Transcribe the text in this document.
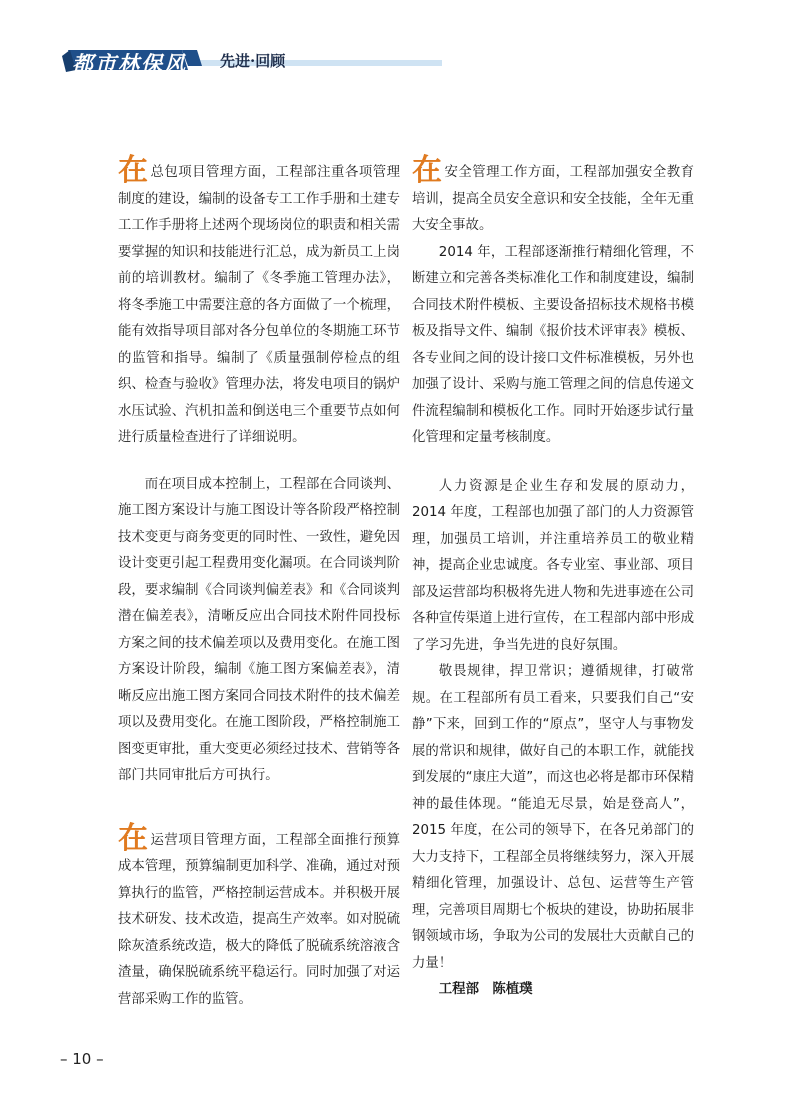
都市林保风 先进·回顾

在总包项目管理方面，工程部注重各项管理制度的建设，编制的设备专工工作手册和土建专工工作手册将上述两个现场岗位的职责和相关需要掌握的知识和技能进行汇总，成为新员工上岗前的培训教材。编制了《冬季施工管理办法》，将冬季施工中需要注意的各方面做了一个梳理，能有效指导项目部对各分包单位的冬期施工环节的监管和指导。编制了《质量强制停检点的组织、检查与验收》管理办法，将发电项目的锅炉水压试验、汽机扣盖和倒送电三个重要节点如何进行质量检查进行了详细说明。

而在项目成本控制上，工程部在合同谈判、施工图方案设计与施工图设计等各阶段严格控制技术变更与商务变更的同时性、一致性，避免因设计变更引起工程费用变化漏项。在合同谈判阶段，要求编制《合同谈判偏差表》和《合同谈判潜在偏差表》，清晰反应出合同技术附件同投标方案之间的技术偏差项以及费用变化。在施工图方案设计阶段，编制《施工图方案偏差表》，清晰反应出施工图方案同合同技术附件的技术偏差项以及费用变化。在施工图阶段，严格控制施工图变更审批，重大变更必须经过技术、营销等各部门共同审批后方可执行。

在运营项目管理方面，工程部全面推行预算成本管理，预算编制更加科学、准确，通过对预算执行的监管，严格控制运营成本。并积极开展技术研发、技术改造，提高生产效率。如对脱硫除灰渣系统改造，极大的降低了脱硫系统溶液含渣量，确保脱硫系统平稳运行。同时加强了对运营部采购工作的监管。

在安全管理工作方面，工程部加强安全教育培训，提高全员安全意识和安全技能，全年无重大安全事故。

2014 年，工程部逐渐推行精细化管理，不断建立和完善各类标准化工作和制度建设，编制合同技术附件模板、主要设备招标技术规格书模板及指导文件、编制《报价技术评审表》模板、各专业间之间的设计接口文件标准模板，另外也加强了设计、采购与施工管理之间的信息传递文件流程编制和模板化工作。同时开始逐步试行量化管理和定量考核制度。

人力资源是企业生存和发展的原动力，2014 年度，工程部也加强了部门的人力资源管理，加强员工培训，并注重培养员工的敬业精神，提高企业忠诚度。各专业室、事业部、项目部及运营部均积极将先进人物和先进事迹在公司各种宣传渠道上进行宣传，在工程部内部中形成了学习先进，争当先进的良好氛围。

敬畏规律，捍卫常识；遵循规律，打破常规。在工程部所有员工看来，只要我们自己“安静”下来，回到工作的“原点”，坚守人与事物发展的常识和规律，做好自己的本职工作，就能找到发展的“康庄大道”，而这也必将是都市环保精神的最佳体现。“能追无尽景，始是登高人”，2015 年度，在公司的领导下，在各兄弟部门的大力支持下，工程部全员将继续努力，深入开展精细化管理，加强设计、总包、运营等生产管理，完善项目周期七个板块的建设，协助拓展非钢领域市场，争取为公司的发展壮大贡献自己的力量！

工程部　陈植璞

– 10 –
